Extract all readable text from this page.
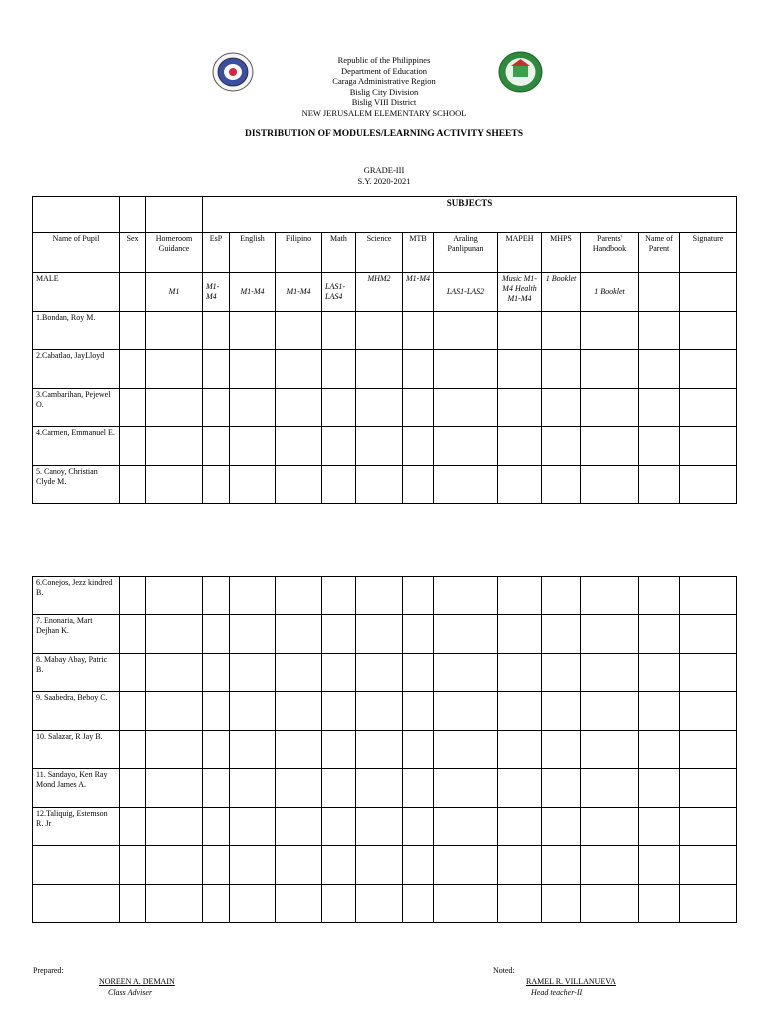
Republic of the Philippines
Department of Education
Caraga Administrative Region
Bislig City Division
Bislig VIII District
NEW JERUSALEM ELEMENTARY SCHOOL
DISTRIBUTION OF MODULES/LEARNING ACTIVITY SHEETS
GRADE-III
S.Y. 2020-2021
			SUBJECTS											
Name of Pupil	Sex	Homeroom Guidance	EsP	English	Filipino	Math	Science	MTB	Araling Panlipunan	MAPEH	MHPS	Parents' Handbook	Name of Parent	Signature
MALE		M1	M1-M4	M1-M4	M1-M4	LAS1-LAS4	MHM2	M1-M4	LAS1-LAS2	Music M1-M4 Health M1-M4	1 Booklet	1 Booklet		
1.Bondan, Roy M.														
2.Cabatlao, JayLloyd														
3.Cambarihan, Pejewel O.														
4.Carmen, Emmanuel E.														
5. Canoy, Christian Clyde M.														
6.Conejos, Jezz kindred B.														
7. Enonaria, Mart Dejhan K.														
8. Mabay Abay, Patric B.														
9. Saabedra, Beboy C.														
10. Salazar, R Jay B.														
11. Sandayo, Ken Ray Mond James A.														
12.Taliquig, Estemson R. Jr														

Prepared:
NOREEN A. DEMAIN
Class Adviser
Noted:
RAMEL R. VILLANUEVA
Head teacher-II
